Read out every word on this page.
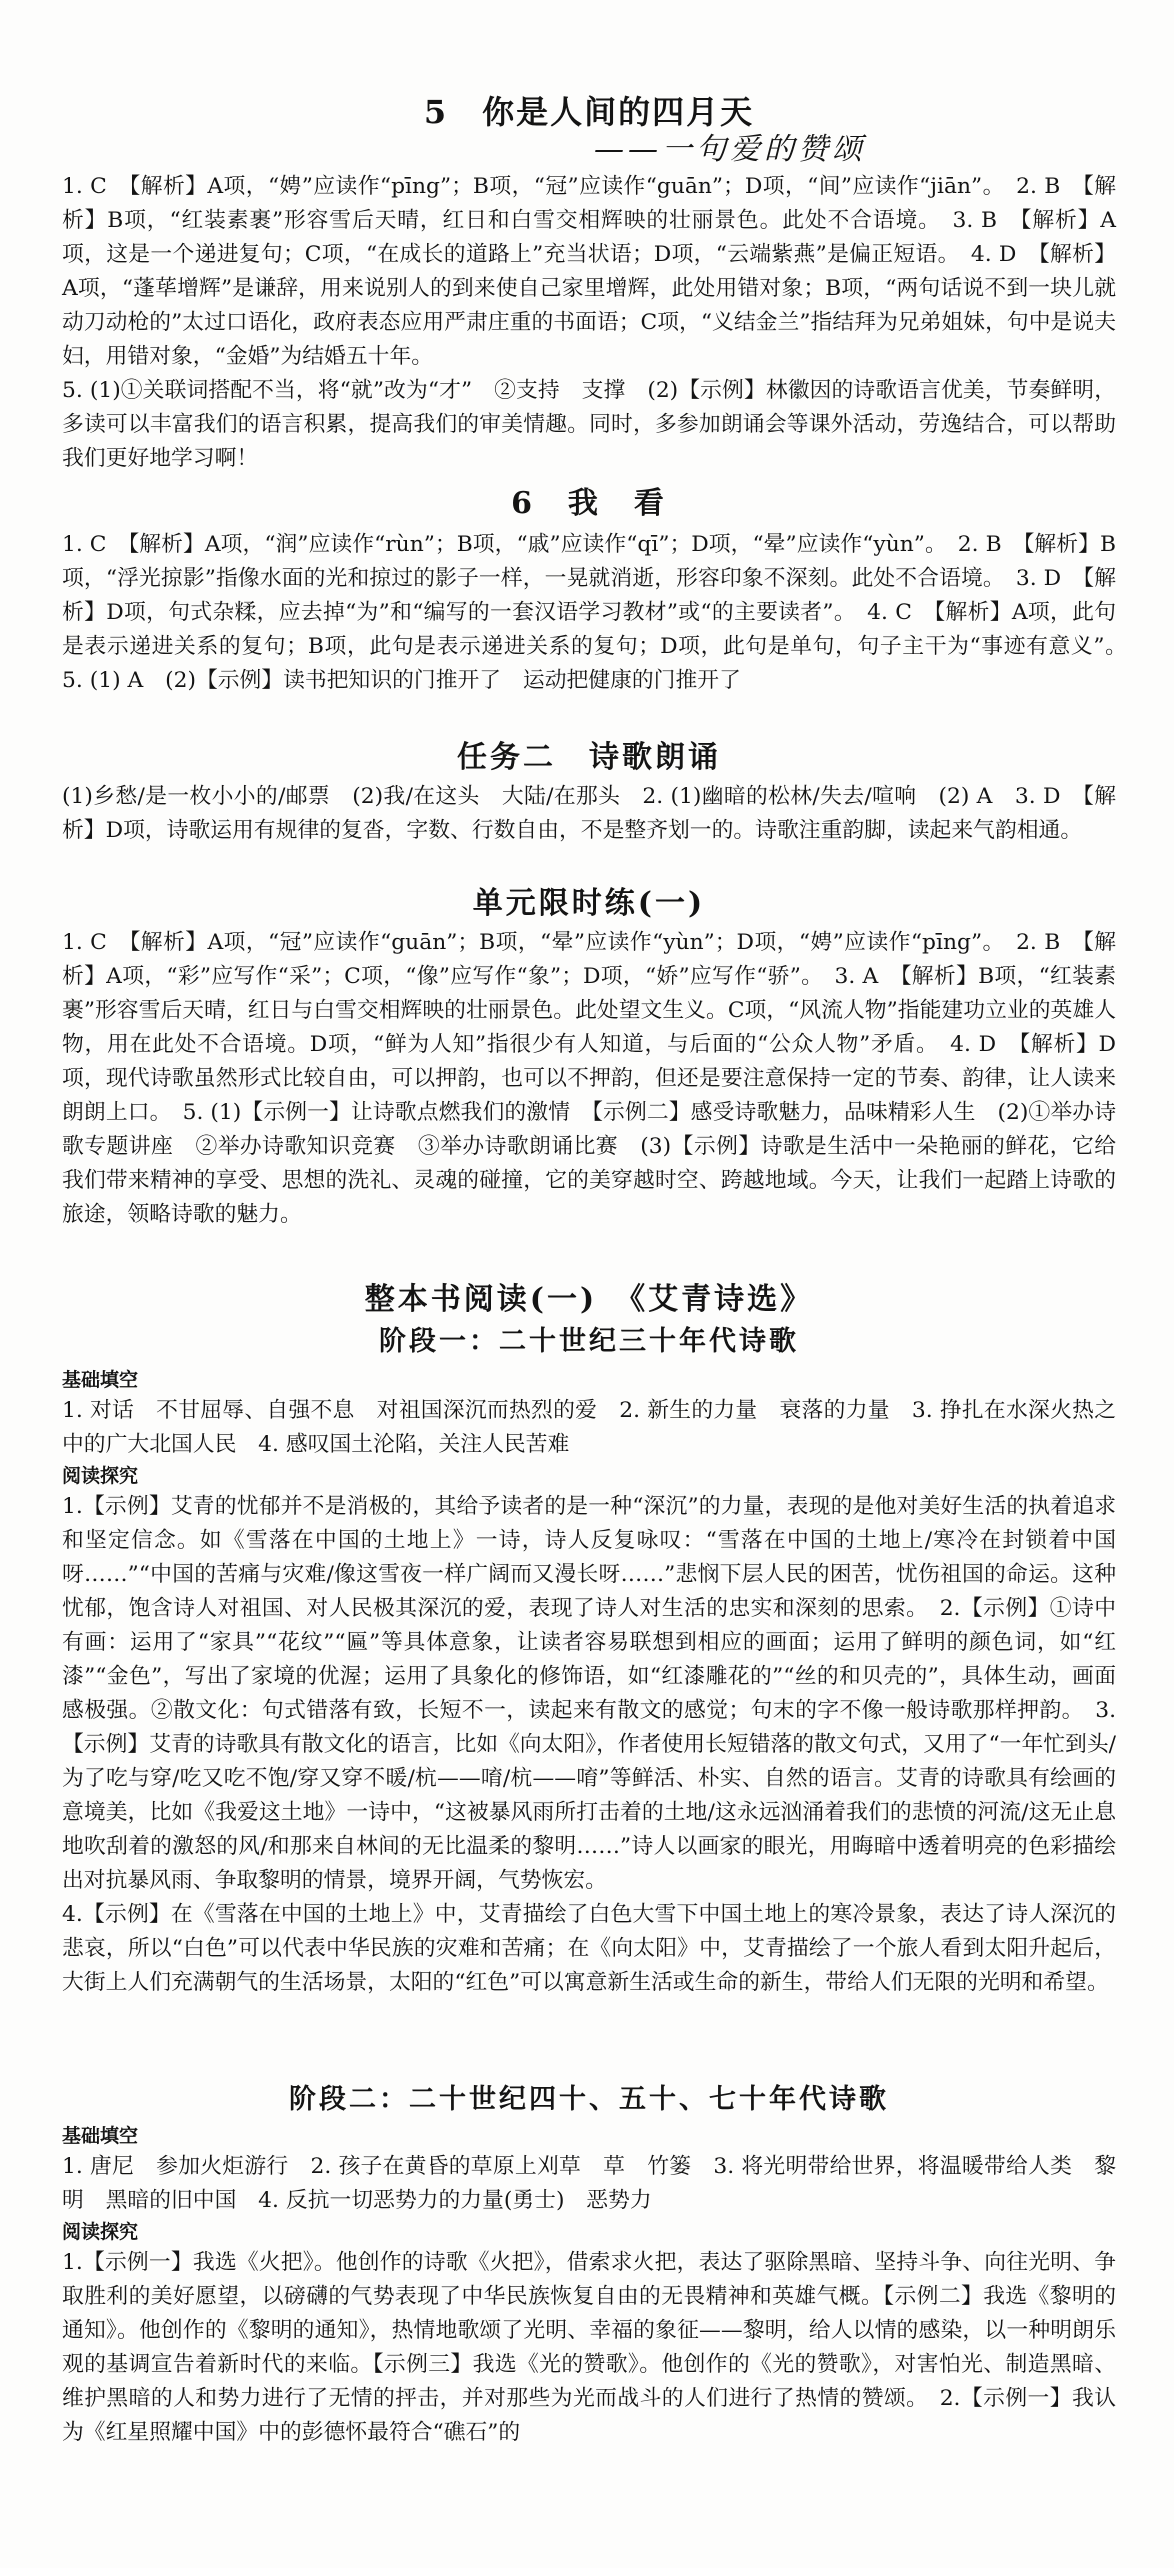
5　你是人间的四月天
——一句爱的赞颂

1. C　【解析】A项，“娉”应读作“pīng”；B项，“冠”应读作“guān”；D项，“间”应读作“jiān”。　2. B　【解析】B项，“红装素裹”形容雪后天晴，红日和白雪交相辉映的壮丽景色。此处不合语境。　3. B　【解析】A项，这是一个递进复句；C项，“在成长的道路上”充当状语；D项，“云端紫燕”是偏正短语。　4. D　【解析】A项，“蓬荜增辉”是谦辞，用来说别人的到来使自己家里增辉，此处用错对象；B项，“两句话说不到一块儿就动刀动枪的”太过口语化，政府表态应用严肃庄重的书面语；C项，“义结金兰”指结拜为兄弟姐妹，句中是说夫妇，用错对象，“金婚”为结婚五十年。

5. (1)①关联词搭配不当，将“就”改为“才”　②支持　支撑　(2)【示例】林徽因的诗歌语言优美，节奏鲜明，多读可以丰富我们的语言积累，提高我们的审美情趣。同时，多参加朗诵会等课外活动，劳逸结合，可以帮助我们更好地学习啊！

6　我　看

1. C　【解析】A项，“润”应读作“rùn”；B项，“戚”应读作“qī”；D项，“晕”应读作“yùn”。　2. B　【解析】B项，“浮光掠影”指像水面的光和掠过的影子一样，一晃就消逝，形容印象不深刻。此处不合语境。　3. D　【解析】D项，句式杂糅，应去掉“为”和“编写的一套汉语学习教材”或“的主要读者”。　4. C　【解析】A项，此句是表示递进关系的复句；B项，此句是表示递进关系的复句；D项，此句是单句，句子主干为“事迹有意义”。　5. (1) A　(2)【示例】读书把知识的门推开了　运动把健康的门推开了

任务二　诗歌朗诵

(1)乡愁/是一枚小小的/邮票　(2)我/在这头　大陆/在那头　2. (1)幽暗的松林/失去/喧响　(2) A　3. D　【解析】D项，诗歌运用有规律的复沓，字数、行数自由，不是整齐划一的。诗歌注重韵脚，读起来气韵相通。

单元限时练(一)

1. C　【解析】A项，“冠”应读作“guān”；B项，“晕”应读作“yùn”；D项，“娉”应读作“pīng”。　2. B　【解析】A项，“彩”应写作“采”；C项，“像”应写作“象”；D项，“娇”应写作“骄”。　3. A　【解析】B项，“红装素裹”形容雪后天晴，红日与白雪交相辉映的壮丽景色。此处望文生义。C项，“风流人物”指能建功立业的英雄人物，用在此处不合语境。D项，“鲜为人知”指很少有人知道，与后面的“公众人物”矛盾。　4. D　【解析】D项，现代诗歌虽然形式比较自由，可以押韵，也可以不押韵，但还是要注意保持一定的节奏、韵律，让人读来朗朗上口。　5. (1)【示例一】让诗歌点燃我们的激情　【示例二】感受诗歌魅力，品味精彩人生　(2)①举办诗歌专题讲座　②举办诗歌知识竞赛　③举办诗歌朗诵比赛　(3)【示例】诗歌是生活中一朵艳丽的鲜花，它给我们带来精神的享受、思想的洗礼、灵魂的碰撞，它的美穿越时空、跨越地域。今天，让我们一起踏上诗歌的旅途，领略诗歌的魅力。

整本书阅读(一)　《艾青诗选》
阶段一：二十世纪三十年代诗歌
基础填空

1. 对话　不甘屈辱、自强不息　对祖国深沉而热烈的爱　2. 新生的力量　衰落的力量　3. 挣扎在水深火热之中的广大北国人民　4. 感叹国土沦陷，关注人民苦难

阅读探究

1.【示例】艾青的忧郁并不是消极的，其给予读者的是一种“深沉”的力量，表现的是他对美好生活的执着追求和坚定信念。如《雪落在中国的土地上》一诗，诗人反复咏叹：“雪落在中国的土地上/寒冷在封锁着中国呀……”“中国的苦痛与灾难/像这雪夜一样广阔而又漫长呀……”悲悯下层人民的困苦，忧伤祖国的命运。这种忧郁，饱含诗人对祖国、对人民极其深沉的爱，表现了诗人对生活的忠实和深刻的思索。　2.【示例】①诗中有画：运用了“家具”“花纹”“匾”等具体意象，让读者容易联想到相应的画面；运用了鲜明的颜色词，如“红漆”“金色”，写出了家境的优渥；运用了具象化的修饰语，如“红漆雕花的”“丝的和贝壳的”，具体生动，画面感极强。②散文化：句式错落有致，长短不一，读起来有散文的感觉；句末的字不像一般诗歌那样押韵。　3.【示例】艾青的诗歌具有散文化的语言，比如《向太阳》，作者使用长短错落的散文句式，又用了“一年忙到头/为了吃与穿/吃又吃不饱/穿又穿不暖/杭——唷/杭——唷”等鲜活、朴实、自然的语言。艾青的诗歌具有绘画的意境美，比如《我爱这土地》一诗中，“这被暴风雨所打击着的土地/这永远汹涌着我们的悲愤的河流/这无止息地吹刮着的激怒的风/和那来自林间的无比温柔的黎明……”诗人以画家的眼光，用晦暗中透着明亮的色彩描绘出对抗暴风雨、争取黎明的情景，境界开阔，气势恢宏。

4.【示例】在《雪落在中国的土地上》中，艾青描绘了白色大雪下中国土地上的寒冷景象，表达了诗人深沉的悲哀，所以“白色”可以代表中华民族的灾难和苦痛；在《向太阳》中，艾青描绘了一个旅人看到太阳升起后，大街上人们充满朝气的生活场景，太阳的“红色”可以寓意新生活或生命的新生，带给人们无限的光明和希望。

阶段二：二十世纪四十、五十、七十年代诗歌
基础填空

1. 唐尼　参加火炬游行　2. 孩子在黄昏的草原上刈草　草　竹篓　3. 将光明带给世界，将温暖带给人类　黎明　黑暗的旧中国　4. 反抗一切恶势力的力量(勇士)　恶势力

阅读探究

1.【示例一】我选《火把》。他创作的诗歌《火把》，借索求火把，表达了驱除黑暗、坚持斗争、向往光明、争取胜利的美好愿望，以磅礴的气势表现了中华民族恢复自由的无畏精神和英雄气概。【示例二】我选《黎明的通知》。他创作的《黎明的通知》，热情地歌颂了光明、幸福的象征——黎明，给人以情的感染，以一种明朗乐观的基调宣告着新时代的来临。【示例三】我选《光的赞歌》。他创作的《光的赞歌》，对害怕光、制造黑暗、维护黑暗的人和势力进行了无情的抨击，并对那些为光而战斗的人们进行了热情的赞颂。　2.【示例一】我认为《红星照耀中国》中的彭德怀最符合“礁石”的
